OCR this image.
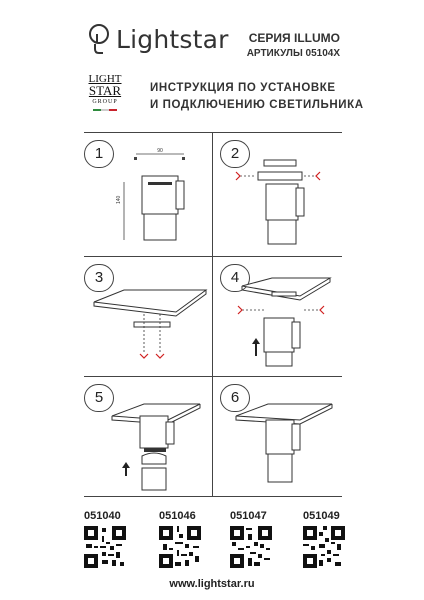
Lightstar СЕРИЯ ILLUMO
АРТИКУЛЫ 05104X
LIGHT
STAR
GROUP
ИНСТРУКЦИЯ ПО УСТАНОВКЕ
И ПОДКЛЮЧЕНИЮ СВЕТИЛЬНИКА
1	90
140
2
3	4
5	6
051040	051046	051047	051049
www.lightstar.ru
